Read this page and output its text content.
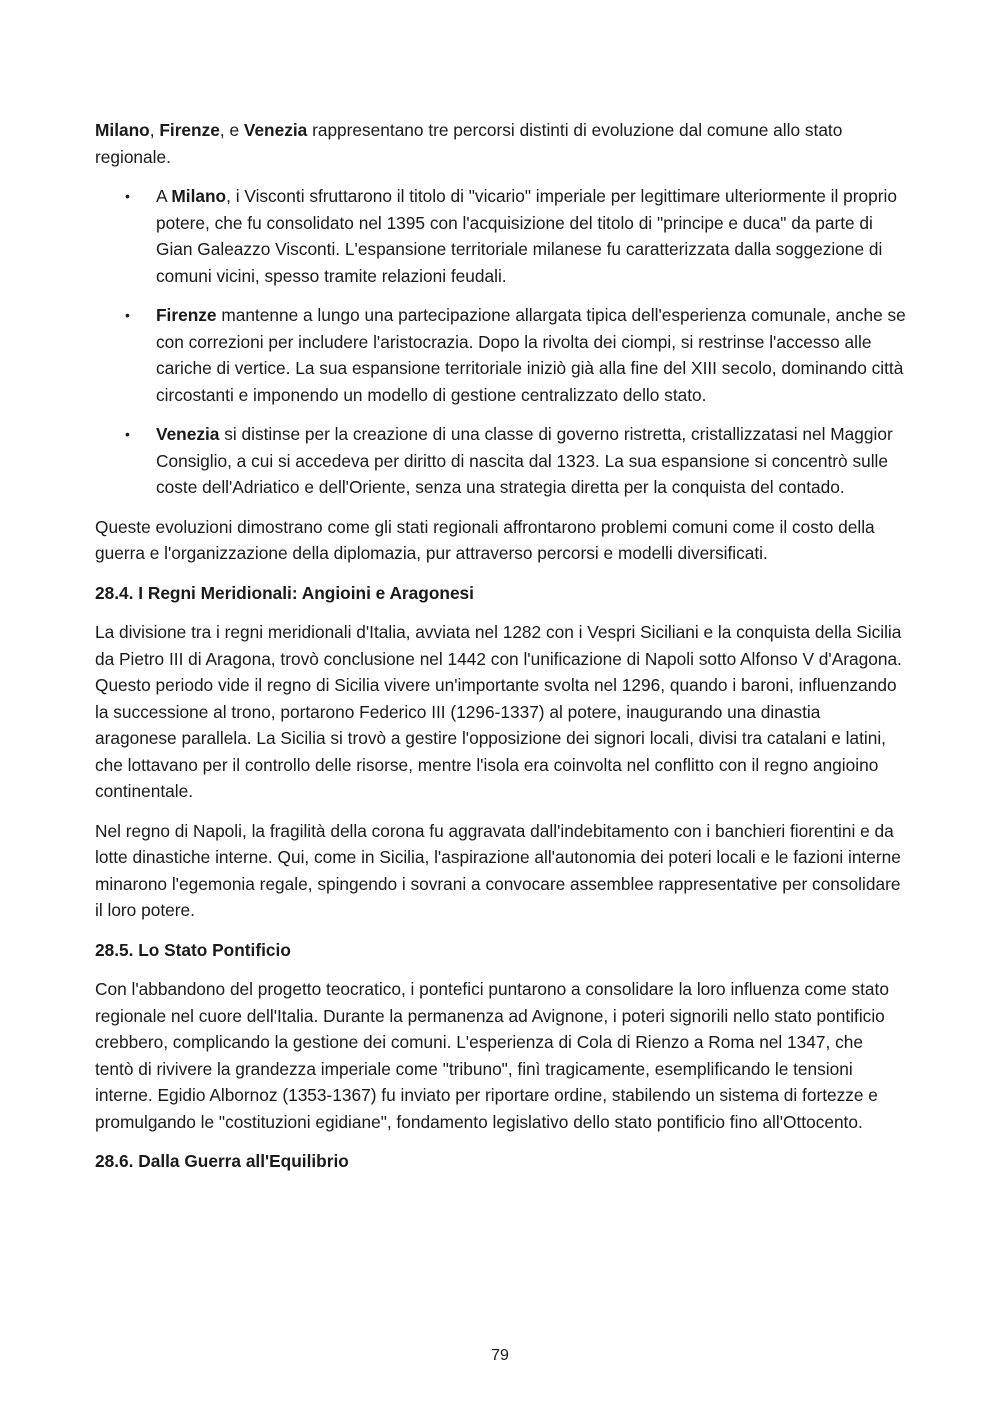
Milano, Firenze, e Venezia rappresentano tre percorsi distinti di evoluzione dal comune allo stato regionale.

• A Milano, i Visconti sfruttarono il titolo di "vicario" imperiale per legittimare ulteriormente il proprio potere, che fu consolidato nel 1395 con l'acquisizione del titolo di "principe e duca" da parte di Gian Galeazzo Visconti. L'espansione territoriale milanese fu caratterizzata dalla soggezione di comuni vicini, spesso tramite relazioni feudali.
• Firenze mantenne a lungo una partecipazione allargata tipica dell'esperienza comunale, anche se con correzioni per includere l'aristocrazia. Dopo la rivolta dei ciompi, si restrinse l'accesso alle cariche di vertice. La sua espansione territoriale iniziò già alla fine del XIII secolo, dominando città circostanti e imponendo un modello di gestione centralizzato dello stato.
• Venezia si distinse per la creazione di una classe di governo ristretta, cristallizzatasi nel Maggior Consiglio, a cui si accedeva per diritto di nascita dal 1323. La sua espansione si concentrò sulle coste dell'Adriatico e dell'Oriente, senza una strategia diretta per la conquista del contado.

Queste evoluzioni dimostrano come gli stati regionali affrontarono problemi comuni come il costo della guerra e l'organizzazione della diplomazia, pur attraverso percorsi e modelli diversificati.

28.4. I Regni Meridionali: Angioini e Aragonesi

La divisione tra i regni meridionali d'Italia, avviata nel 1282 con i Vespri Siciliani e la conquista della Sicilia da Pietro III di Aragona, trovò conclusione nel 1442 con l'unificazione di Napoli sotto Alfonso V d'Aragona. Questo periodo vide il regno di Sicilia vivere un'importante svolta nel 1296, quando i baroni, influenzando la successione al trono, portarono Federico III (1296-1337) al potere, inaugurando una dinastia aragonese parallela. La Sicilia si trovò a gestire l'opposizione dei signori locali, divisi tra catalani e latini, che lottavano per il controllo delle risorse, mentre l'isola era coinvolta nel conflitto con il regno angioino continentale.

Nel regno di Napoli, la fragilità della corona fu aggravata dall'indebitamento con i banchieri fiorentini e da lotte dinastiche interne. Qui, come in Sicilia, l'aspirazione all'autonomia dei poteri locali e le fazioni interne minarono l'egemonia regale, spingendo i sovrani a convocare assemblee rappresentative per consolidare il loro potere.

28.5. Lo Stato Pontificio

Con l'abbandono del progetto teocratico, i pontefici puntarono a consolidare la loro influenza come stato regionale nel cuore dell'Italia. Durante la permanenza ad Avignone, i poteri signorili nello stato pontificio crebbero, complicando la gestione dei comuni. L'esperienza di Cola di Rienzo a Roma nel 1347, che tentò di rivivere la grandezza imperiale come "tribuno", finì tragicamente, esemplificando le tensioni interne. Egidio Albornoz (1353-1367) fu inviato per riportare ordine, stabilendo un sistema di fortezze e promulgando le "costituzioni egidiane", fondamento legislativo dello stato pontificio fino all'Ottocento.

28.6. Dalla Guerra all'Equilibrio

79
